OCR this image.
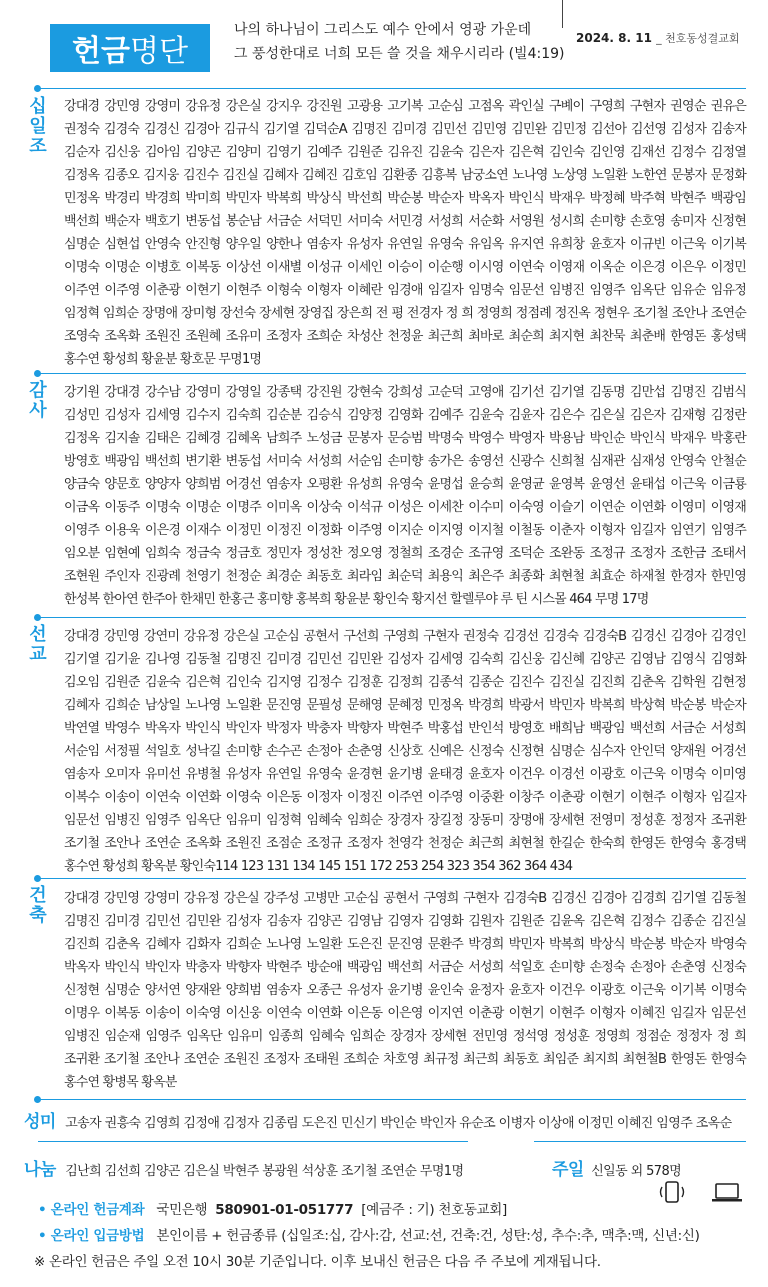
헌금 명단
나의 하나님이 그리스도 예수 안에서 영광 가운데
그 풍성한대로 너희 모든 쓸 것을 채우시리라 (빌4:19)
2024. 8. 11 _ 천호동성결교회
십
일
조
강대경 강민영 강영미 강유정 강은실 강지우 강진원 고광용 고기복 고순심 고점옥 곽인실 구볘이 구영희 구현자 권영순 권유은 권정숙 김경숙 김경신 김경아 김규식 김기열 김덕순A 김명진 김미경 김민선 김민영 김민완 김민정 김선아 김선영 김성자 김송자 김순자 김신웅 김아임 김양곤 김양미 김영기 김예주 김원준 김유진 김윤숙 김은자 김은혁 김인숙 김인영 김재선 김정수 김정열 김정옥 김종오 김지웅 김진수 김진실 김혜자 김혜진 김호임 김환종 김흥복 남궁소연 노나영 노상영 노일환 노한연 문봉자 문정화 민정옥 박경리 박경희 박미희 박민자 박복희 박상식 박선희 박순봉 박순자 박옥자 박인식 박재우 박정혜 박주혁 박현주 백광임 백선희 백순자 백호기 변동섭 봉순남 서금순 서덕민 서미숙 서민경 서성희 서순화 서영원 성시희 손미향 손호영 송미자 신정현 심명순 심현섭 안영숙 안진형 양우일 양한나 염송자 유성자 유연일 유영숙 유임옥 유지연 유희창 윤호자 이규빈 이근욱 이기복 이명숙 이명순 이병호 이복동 이상선 이새별 이성규 이세인 이승이 이순행 이시영 이연숙 이영재 이옥순 이은경 이은우 이정민 이주연 이주영 이춘광 이현기 이현주 이형숙 이형자 이혜란 임경애 임길자 임명숙 임문선 임병진 임영주 임옥단 임유순 임유정 임정혁 임희순 장명애 장미형 장선숙 장세현 장영집 장은희 전 평 전경자 정 희 정영희 정점례 정진옥 정현우 조기철 조안나 조연순 조영숙 조옥화 조원진 조원혜 조유미 조정자 조희순 차성산 천정윤 최근희 최바로 최순희 최지현 최찬묵 최춘배 한영돈 홍성택 홍수연 황성희 황윤분 황호문 무명1명
감
사
강기원 강대경 강수남 강영미 강영일 강종택 강진원 강현숙 강희성 고순덕 고영애 김기선 김기열 김동명 김만섭 김명진 김범식 김성민 김성자 김세영 김수지 김숙희 김순분 김승식 김양정 김영화 김예주 김윤숙 김윤자 김은수 김은실 김은자 김재형 김정란 김정옥 김지솔 김태은 김혜경 김혜옥 남희주 노성금 문봉자 문승범 박명숙 박영수 박영자 박용남 박인순 박인식 박재우 박홍란 방영호 백광임 백선희 변기환 변동섭 서미숙 서성희 서순임 손미향 송가은 송영선 신광수 신희철 심재관 심재성 안영숙 안철순 양금숙 양문호 양양자 양희범 어경선 염송자 오평환 유성희 유영숙 윤명섭 윤승희 윤영균 윤영복 윤영선 윤태섭 이근욱 이금룡 이금옥 이동주 이명숙 이명순 이명주 이미옥 이상숙 이석규 이성은 이세찬 이수미 이숙영 이슬기 이연순 이연화 이영미 이영재 이영주 이용욱 이은경 이재수 이정민 이정진 이정화 이주영 이지순 이지영 이지철 이철동 이춘자 이형자 임길자 임연기 임영주 임오분 임현예 임희숙 정금숙 정금호 정민자 정성찬 정오영 정철희 조경순 조규영 조덕순 조완동 조정규 조정자 조한금 조태서 조현원 주인자 진광례 천영기 천정순 최경순 최동호 최라임 최순덕 최용익 최은주 최종화 최현철 최효순 하재철 한경자 한민영 한성복 한아연 한주아 한채민 한홍근 홍미향 홍복희 황윤분 황인숙 황지선 할렐루야 루 틴 시스몰 464 무명 17명
선
교
강대경 강민영 강연미 강유정 강은실 고순심 공현서 구선희 구영희 구현자 권정숙 김경선 김경숙 김경숙B 김경신 김경아 김경인 김기열 김기윤 김나영 김동철 김명진 김미경 김민선 김민완 김성자 김세영 김숙희 김신웅 김신혜 김양곤 김영남 김영식 김영화 김오임 김원준 김윤숙 김은혁 김인숙 김지영 김정수 김정훈 김정희 김종석 김종순 김진수 김진실 김진희 김춘옥 김학원 김현정 김혜자 김희순 남상일 노나영 노일환 문진영 문필성 문해영 문혜정 민정옥 박경희 박광서 박민자 박복희 박상혁 박순봉 박순자 박연열 박영수 박옥자 박인식 박인자 박정자 박충자 박향자 박현주 박홍섭 반인석 방영호 배희남 백광임 백선희 서금순 서성희 서순임 서정필 석일호 성낙길 손미향 손수곤 손정아 손춘영 신상호 신예은 신정숙 신정현 심명순 심수자 안인덕 양재원 어경선 염송자 오미자 유미선 유병철 유성자 유연일 유영숙 윤경현 윤기병 윤태경 윤호자 이건우 이경선 이광호 이근욱 이명숙 이미영 이복수 이송이 이연숙 이연화 이영숙 이은동 이정자 이정진 이주연 이주영 이중환 이창주 이춘광 이현기 이현주 이형자 임길자 임문선 임병진 임영주 임옥단 임유미 임정혁 임혜숙 임희순 장경자 장길정 장동미 장명애 장세현 전영미 정성훈 정정자 조귀환 조기철 조안나 조연순 조옥화 조원진 조점순 조정규 조정자 천영각 천정순 최근희 최현철 한길순 한숙희 한영돈 한영숙 홍경택 홍수연 황성희 황옥분 황인숙114 123 131 134 145 151 172 253 254 323 354 362 364 434
건
축
강대경 강민영 강영미 강유정 강은실 강주성 고병만 고순심 공현서 구영희 구현자 김경숙B 김경신 김경아 김경희 김기열 김동철 김명진 김미경 김민선 김민완 김성자 김송자 김양곤 김영남 김영자 김영화 김원자 김원준 김윤옥 김은혁 김정수 김종순 김진실 김진희 김춘옥 김혜자 김화자 김희순 노나영 노일환 도은진 문진영 문환주 박경희 박민자 박복희 박상식 박순봉 박순자 박영숙 박옥자 박인식 박인자 박충자 박향자 박현주 방순애 백광임 백선희 서금순 서성희 석일호 손미향 손정숙 손정아 손춘영 신정숙 신정현 심명순 양서연 양재완 양희범 염송자 오종근 유성자 윤기병 윤인숙 윤정자 윤호자 이건우 이광호 이근욱 이기복 이명숙 이명우 이복동 이송이 이숙영 이신웅 이연숙 이연화 이은동 이은영 이지연 이춘광 이현기 이현주 이형자 이혜진 임길자 임문선 임병진 임순재 임영주 임옥단 임유미 임종희 임혜숙 임희순 장경자 장세현 전민영 정석영 정성훈 정영희 정점순 정정자 정 희 조귀환 조기철 조안나 조연순 조원진 조정자 조태원 조희순 차호영 최규정 최근희 최동호 최임준 최지희 최현철B 한영돈 한영숙 홍수연 황병목 황옥분
성미 고송자 권흥숙 김영희 김정애 김정자 김종림 도은진 민신기 박인순 박인자 유순조 이병자 이상애 이정민 이혜진 임영주 조옥순
나눔 김난희 김선희 김양곤 김은실 박현주 봉광원 석상훈 조기철 조연순 무명1명	주일 신일동 외 578명
• 온라인 헌금계좌 국민은행 580901-01-051777 [예금주 : 기) 천호동교회]
• 온라인 입금방법 본인이름 + 헌금종류 (십일조:십, 감사:감, 선교:선, 건축:건, 성탄:성, 추수:추, 맥추:맥, 신년:신)
※ 온라인 헌금은 주일 오전 10시 30분 기준입니다. 이후 보내신 헌금은 다음 주 주보에 게재됩니다.
